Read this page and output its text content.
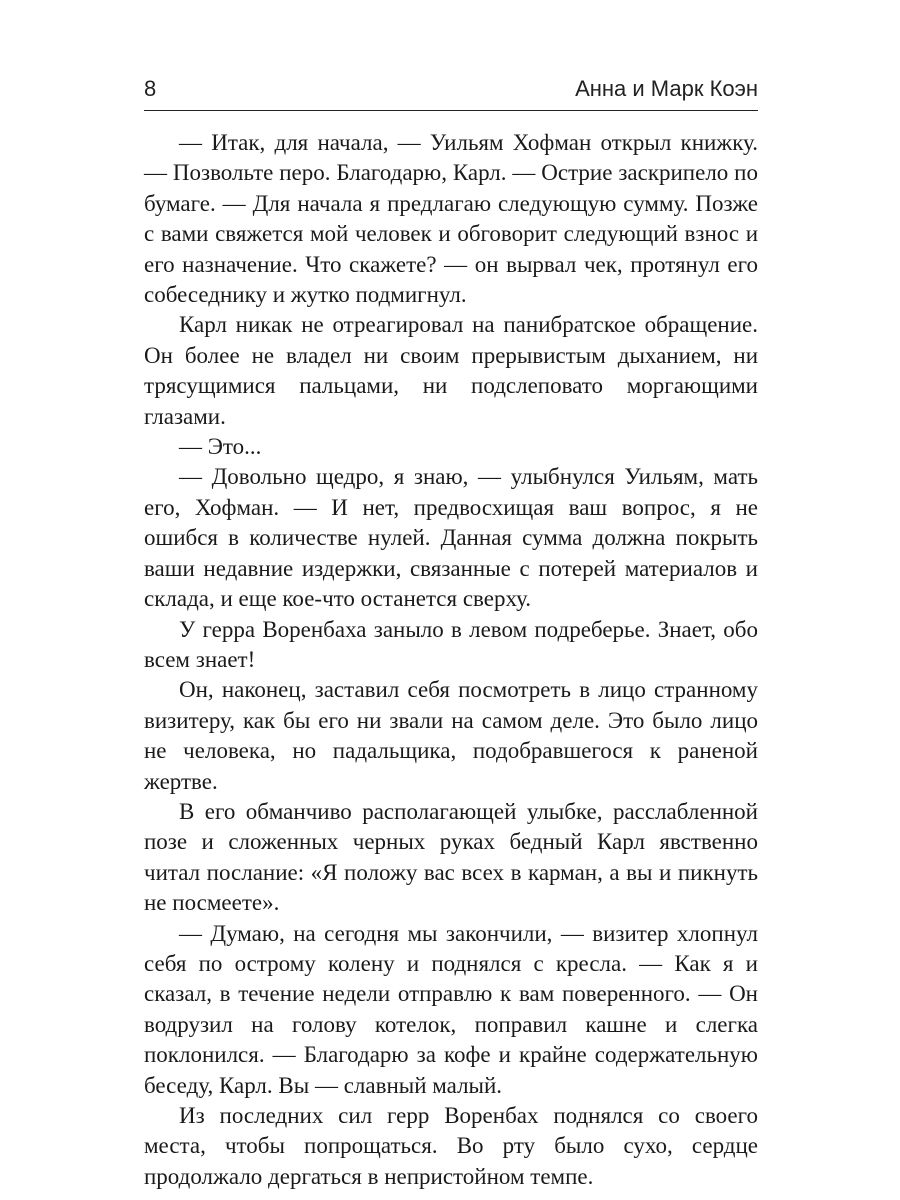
8	Анна и Марк Коэн

— Итак, для начала, — Уильям Хофман открыл книжку. — Позвольте перо. Благодарю, Карл. — Острие заскрипело по бумаге. — Для начала я предлагаю следующую сумму. Позже с вами свяжется мой человек и обговорит следующий взнос и его назначение. Что скажете? — он вырвал чек, протянул его собеседнику и жутко подмигнул.

Карл никак не отреагировал на панибратское обращение. Он более не владел ни своим прерывистым дыханием, ни трясущимися пальцами, ни подслеповато моргающими глазами.

— Это...

— Довольно щедро, я знаю, — улыбнулся Уильям, мать его, Хофман. — И нет, предвосхищая ваш вопрос, я не ошибся в количестве нулей. Данная сумма должна покрыть ваши недавние издержки, связанные с потерей материалов и склада, и еще кое-что останется сверху.

У герра Воренбаха заныло в левом подреберье. Знает, обо всем знает!

Он, наконец, заставил себя посмотреть в лицо странному визитеру, как бы его ни звали на самом деле. Это было лицо не человека, но падальщика, подобравшегося к раненой жертве.

В его обманчиво располагающей улыбке, расслабленной позе и сложенных черных руках бедный Карл явственно читал послание: «Я положу вас всех в карман, а вы и пикнуть не посмеете».

— Думаю, на сегодня мы закончили, — визитер хлопнул себя по острому колену и поднялся с кресла. — Как я и сказал, в течение недели отправлю к вам поверенного. — Он водрузил на голову котелок, поправил кашне и слегка поклонился. — Благодарю за кофе и крайне содержательную беседу, Карл. Вы — славный малый.

Из последних сил герр Воренбах поднялся со своего места, чтобы попрощаться. Во рту было сухо, сердце продолжало дергаться в непристойном темпе.
